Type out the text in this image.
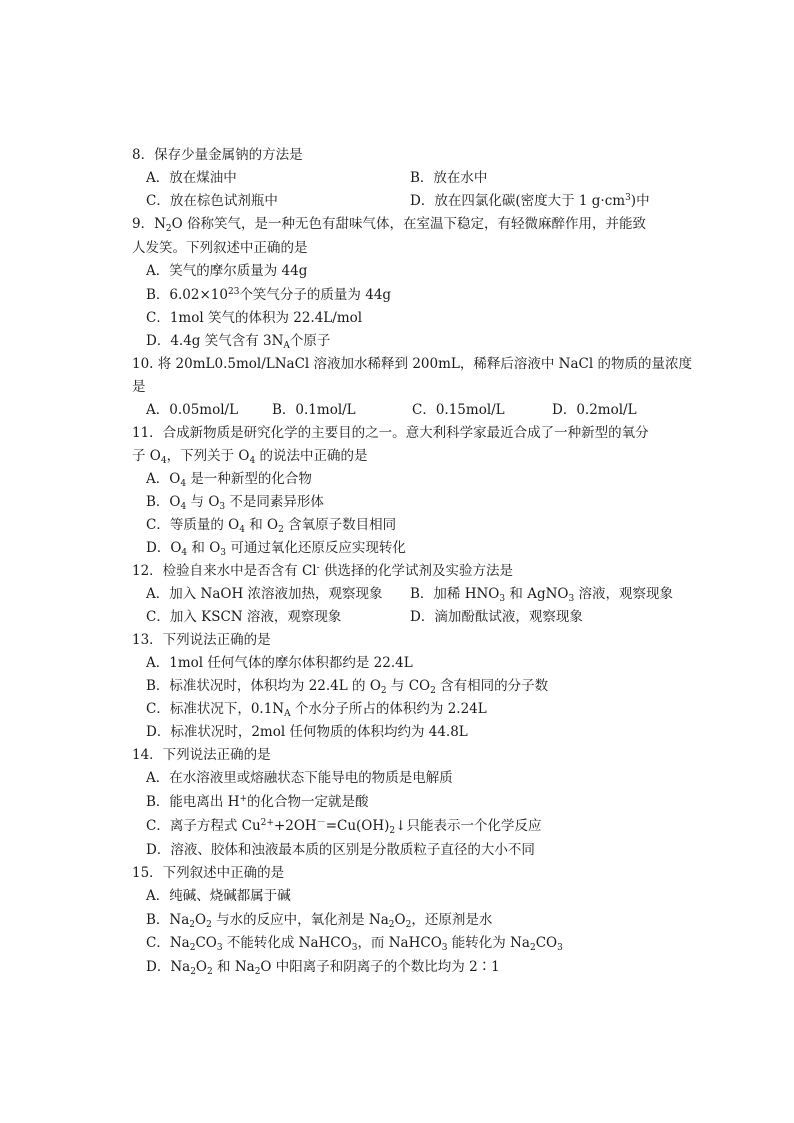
8．保存少量金属钠的方法是
A．放在煤油中	B．放在水中
C．放在棕色试剂瓶中	D．放在四氯化碳(密度大于 1 $g\cdot cm^3$)中
9．$N_2O$ 俗称笑气，是一种无色有甜味气体，在室温下稳定，有轻微麻醉作用，并能致
人发笑。下列叙述中正确的是
A．笑气的摩尔质量为 44g
B．$6.02\times 10^{23}$个笑气分子的质量为 44g
C．1mol 笑气的体积为 22.4L/mol
D．4.4g 笑气含有 $3N_A$个原子
10. 将 20mL0.5mol/LNaCl 溶液加水稀释到 200mL，稀释后溶液中 NaCl 的物质的量浓度
是
A．0.05mol/L	B．0.1mol/L	C．0.15mol/L	D．0.2mol/L
11．合成新物质是研究化学的主要目的之一。意大利科学家最近合成了一种新型的氧分
子 $O_4$，下列关于 $O_4$ 的说法中正确的是
A．$O_4$ 是一种新型的化合物
B．$O_4$ 与 $O_3$ 不是同素异形体
C．等质量的 $O_4$ 和 $O_2$ 含氧原子数目相同
D．$O_4$ 和 $O_3$ 可通过氧化还原反应实现转化
12．检验自来水中是否含有 Cl- 供选择的化学试剂及实验方法是
A．加入 NaOH 浓溶液加热，观察现象 B．加稀 $HNO_3$ 和 AgNO$_3$ 溶液，观察现象
C．加入 KSCN 溶液，观察现象	D．滴加酚酞试液，观察现象
13．下列说法正确的是
A．1mol 任何气体的摩尔体积都约是 22.4L
B．标准状况时，体积均为 22.4L 的 $O_2$ 与 $CO_2$ 含有相同的分子数
C．标准状况下，$0.1N_A$ 个水分子所占的体积约为 2.24L
D．标准状况时，2mol 任何物质的体积均约为 44.8L
14．下列说法正确的是
A．在水溶液里或熔融状态下能导电的物质是电解质
B．能电离出 H+的化合物一定就是酸
C．离子方程式 $Cu^{2+}+2OH^-=Cu(OH)_2↓$只能表示一个化学反应
D．溶液、胶体和浊液最本质的区别是分散质粒子直径的大小不同
15．下列叙述中正确的是
A．纯碱、烧碱都属于碱
B．$Na_2O_2$ 与水的反应中，氧化剂是 $Na_2O_2$，还原剂是水
C．$Na_2CO_3$ 不能转化成 NaHCO$_3$，而 NaHCO$_3$ 能转化为 $Na_2CO_3$
D．$Na_2O_2$ 和 $Na_2O$ 中阳离子和阴离子的个数比均为 2∶1
